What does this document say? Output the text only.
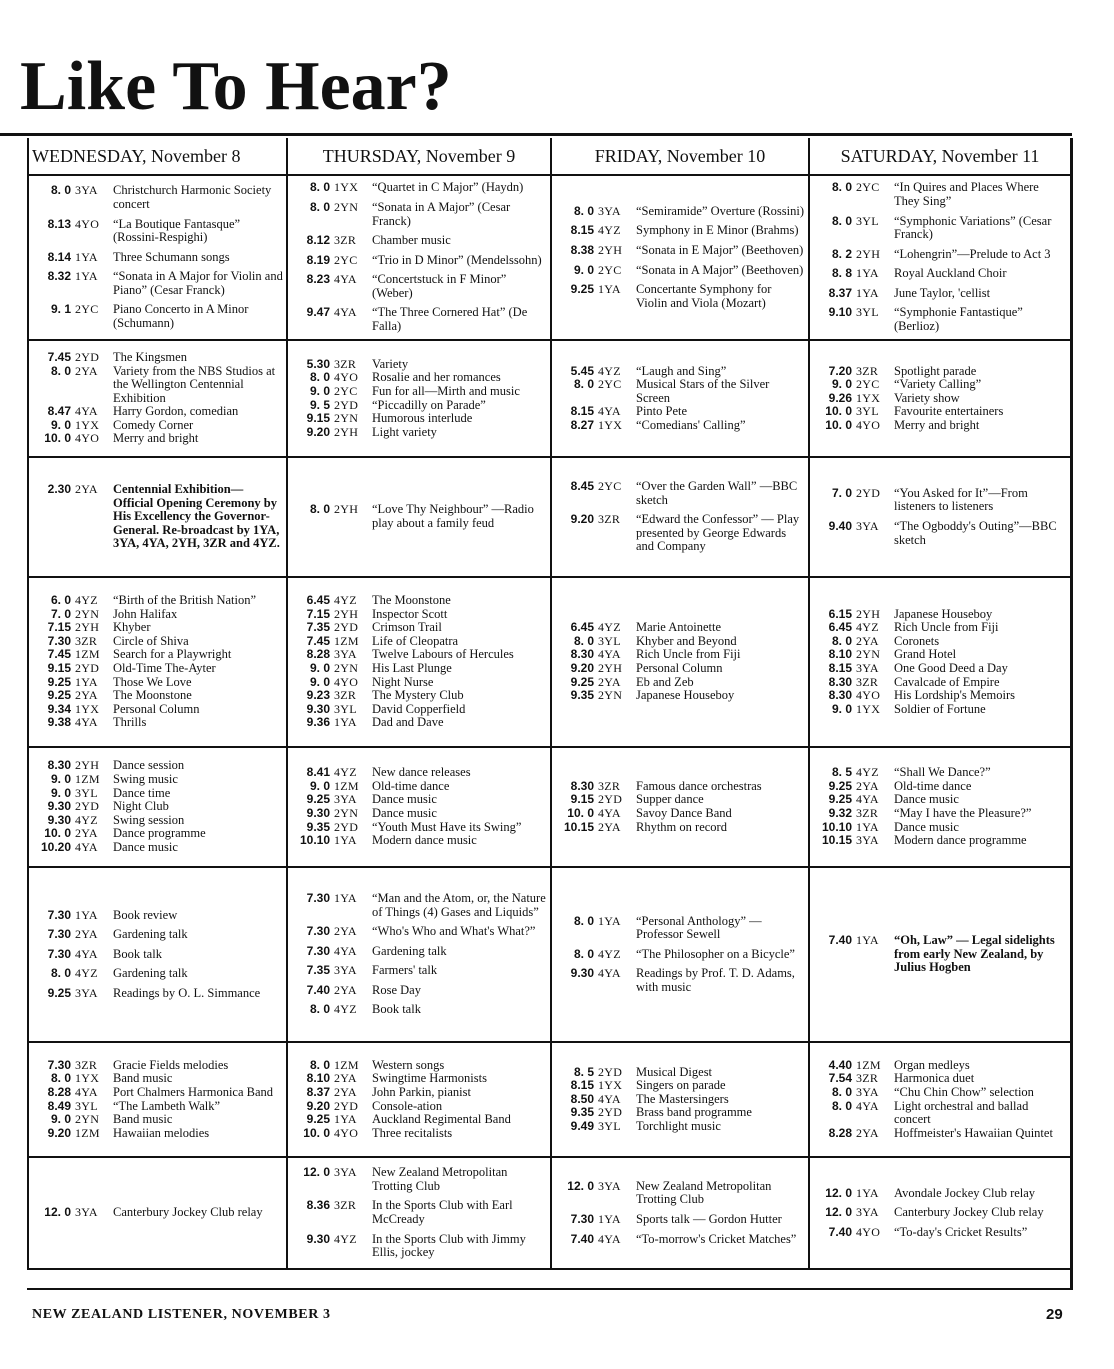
Like To Hear?
WEDNESDAY, November 8	THURSDAY, November 9	FRIDAY, November 10	SATURDAY, November 11
8. 0 3YA	Christchurch Harmonic Society concert
8.13 4YO	“La Boutique Fantasque” (Rossini-Respighi)
8.14 1YA	Three Schumann songs
8.32 1YA	“Sonata in A Major for Violin and Piano” (Cesar Franck)
9. 1 2YC	Piano Concerto in A Minor (Schumann)
8. 0 1YX	“Quartet in C Major” (Haydn)
8. 0 2YN	“Sonata in A Major” (Cesar Franck)
8.12 3ZR	Chamber music
8.19 2YC	“Trio in D Minor” (Mendelssohn)
8.23 4YA	“Concertstuck in F Minor” (Weber)
9.47 4YA	“The Three Cornered Hat” (De Falla)
8. 0 3YA	“Semiramide” Overture (Rossini)
8.15 4YZ	Symphony in E Minor (Brahms)
8.38 2YH	“Sonata in E Major” (Beethoven)
9. 0 2YC	“Sonata in A Major” (Beethoven)
9.25 1YA	Concertante Symphony for Violin and Viola (Mozart)
8. 0 2YC	“In Quires and Places Where They Sing”
8. 0 3YL	“Symphonic Variations” (Cesar Franck)
8. 2 2YH	“Lohengrin”—Prelude to Act 3
8. 8 1YA	Royal Auckland Choir
8.37 1YA	June Taylor, 'cellist
9.10 3YL	“Symphonie Fantastique” (Berlioz)
7.45 2YD	The Kingsmen
8. 0 2YA	Variety from the NBS Studios at the Wellington Centennial Exhibition
8.47 4YA	Harry Gordon, comedian
9. 0 1YX	Comedy Corner
10. 0 4YO	Merry and bright
5.30 3ZR	Variety
8. 0 4YO	Rosalie and her romances
9. 0 2YC	Fun for all—Mirth and music
9. 5 2YD	“Piccadilly on Parade”
9.15 2YN	Humorous interlude
9.20 2YH	Light variety
5.45 4YZ	“Laugh and Sing”
8. 0 2YC	Musical Stars of the Silver Screen
8.15 4YA	Pinto Pete
8.27 1YX	“Comedians' Calling”
7.20 3ZR	Spotlight parade
9. 0 2YC	“Variety Calling”
9.26 1YX	Variety show
10. 0 3YL	Favourite entertainers
10. 0 4YO	Merry and bright
2.30 2YA	Centennial Exhibition—Official Opening Ceremony by His Excellency the Governor-General. Re-broadcast by 1YA, 3YA, 4YA, 2YH, 3ZR and 4YZ.
8. 0 2YH	“Love Thy Neighbour” —Radio play about a family feud
8.45 2YC	“Over the Garden Wall” —BBC sketch
9.20 3ZR	“Edward the Confessor” — Play presented by George Edwards and Company
7. 0 2YD	“You Asked for It”—From listeners to listeners
9.40 3YA	“The Ogboddy's Outing”—BBC sketch
6. 0 4YZ	“Birth of the British Nation”
7. 0 2YN	John Halifax
7.15 2YH	Khyber
7.30 3ZR	Circle of Shiva
7.45 1ZM	Search for a Playwright
9.15 2YD	Old-Time The-Ayter
9.25 1YA	Those We Love
9.25 2YA	The Moonstone
9.34 1YX	Personal Column
9.38 4YA	Thrills
6.45 4YZ	The Moonstone
7.15 2YH	Inspector Scott
7.35 2YD	Crimson Trail
7.45 1ZM	Life of Cleopatra
8.28 3YA	Twelve Labours of Hercules
9. 0 2YN	His Last Plunge
9. 0 4YO	Night Nurse
9.23 3ZR	The Mystery Club
9.30 3YL	David Copperfield
9.36 1YA	Dad and Dave
6.45 4YZ	Marie Antoinette
8. 0 3YL	Khyber and Beyond
8.30 4YA	Rich Uncle from Fiji
9.20 2YH	Personal Column
9.25 2YA	Eb and Zeb
9.35 2YN	Japanese Houseboy
6.15 2YH	Japanese Houseboy
6.45 4YZ	Rich Uncle from Fiji
8. 0 2YA	Coronets
8.10 2YN	Grand Hotel
8.15 3YA	One Good Deed a Day
8.30 3ZR	Cavalcade of Empire
8.30 4YO	His Lordship's Memoirs
9. 0 1YX	Soldier of Fortune
8.30 2YH	Dance session
9. 0 1ZM	Swing music
9. 0 3YL	Dance time
9.30 2YD	Night Club
9.30 4YZ	Swing session
10. 0 2YA	Dance programme
10.20 4YA	Dance music
8.41 4YZ	New dance releases
9. 0 1ZM	Old-time dance
9.25 3YA	Dance music
9.30 2YN	Dance music
9.35 2YD	“Youth Must Have its Swing”
10.10 1YA	Modern dance music
8.30 3ZR	Famous dance orchestras
9.15 2YD	Supper dance
10. 0 4YA	Savoy Dance Band
10.15 2YA	Rhythm on record
8. 5 4YZ	“Shall We Dance?”
9.25 2YA	Old-time dance
9.25 4YA	Dance music
9.32 3ZR	“May I have the Pleasure?”
10.10 1YA	Dance music
10.15 3YA	Modern dance programme
7.30 1YA	Book review
7.30 2YA	Gardening talk
7.30 4YA	Book talk
8. 0 4YZ	Gardening talk
9.25 3YA	Readings by O. L. Simmance
7.30 1YA	“Man and the Atom, or, the Nature of Things (4) Gases and Liquids”
7.30 2YA	“Who's Who and What's What?”
7.30 4YA	Gardening talk
7.35 3YA	Farmers' talk
7.40 2YA	Rose Day
8. 0 4YZ	Book talk
8. 0 1YA	“Personal Anthology” —Professor Sewell
8. 0 4YZ	“The Philosopher on a Bicycle”
9.30 4YA	Readings by Prof. T. D. Adams, with music
7.40 1YA	“Oh, Law” — Legal sidelights from early New Zealand, by Julius Hogben
7.30 3ZR	Gracie Fields melodies
8. 0 1YX	Band music
8.28 4YA	Port Chalmers Harmonica Band
8.49 3YL	“The Lambeth Walk”
9. 0 2YN	Band music
9.20 1ZM	Hawaiian melodies
8. 0 1ZM	Western songs
8.10 2YA	Swingtime Harmonists
8.37 2YA	John Parkin, pianist
9.20 2YD	Console-ation
9.25 1YA	Auckland Regimental Band
10. 0 4YO	Three recitalists
8. 5 2YD	Musical Digest
8.15 1YX	Singers on parade
8.50 4YA	The Mastersingers
9.35 2YD	Brass band programme
9.49 3YL	Torchlight music
4.40 1ZM	Organ medleys
7.54 3ZR	Harmonica duet
8. 0 3YA	“Chu Chin Chow” selection
8. 0 4YA	Light orchestral and ballad concert
8.28 2YA	Hoffmeister's Hawaiian Quintet
12. 0 3YA	Canterbury Jockey Club relay
12. 0 3YA	New Zealand Metropolitan Trotting Club
8.36 3ZR	In the Sports Club with Earl McCready
9.30 4YZ	In the Sports Club with Jimmy Ellis, jockey
12. 0 3YA	New Zealand Metropolitan Trotting Club
7.30 1YA	Sports talk — Gordon Hutter
7.40 4YA	“To-morrow's Cricket Matches”
12. 0 1YA	Avondale Jockey Club relay
12. 0 3YA	Canterbury Jockey Club relay
7.40 4YO	“To-day's Cricket Results”
NEW ZEALAND LISTENER, NOVEMBER 3	29
